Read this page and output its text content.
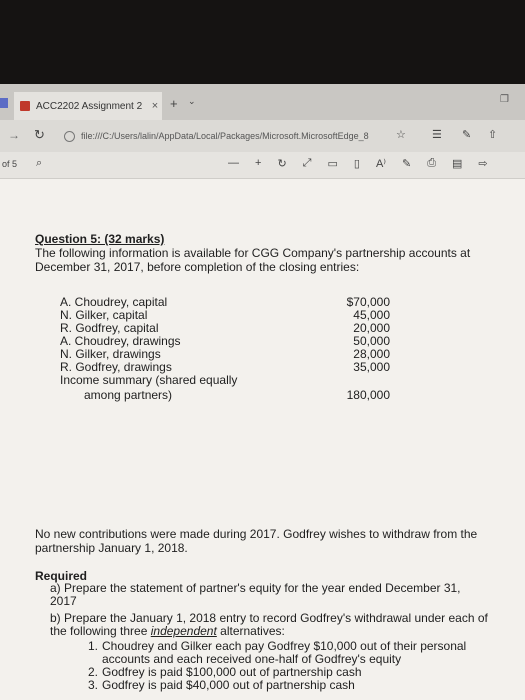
ACC2202 Assignment 2 × + ⌄	❐
→ ↻	file:///C:/Users/lalin/AppData/Local/Packages/Microsoft.MicrosoftEdge_8 ☆ ☰ ✎ ⇧
of 5 ⌕	— + ↻ ⤢ ▭ ▯ A⁾ ✎ ⎙ ▤ ⇨
Question 5: (32 marks)
The following information is available for CGG Company's partnership accounts at December 31, 2017, before completion of the closing entries:
A. Choudrey, capital	$70,000
N. Gilker, capital	45,000
R. Godfrey, capital	20,000
A. Choudrey, drawings	50,000
N. Gilker, drawings	28,000
R. Godfrey, drawings	35,000
Income summary (shared equally
among partners)	180,000
No new contributions were made during 2017. Godfrey wishes to withdraw from the partnership January 1, 2018.
Required
a) Prepare the statement of partner's equity for the year ended December 31, 2017
b) Prepare the January 1, 2018 entry to record Godfrey's withdrawal under each of the following three independent alternatives:
1. Choudrey and Gilker each pay Godfrey $10,000 out of their personal accounts and each received one-half of Godfrey's equity
2. Godfrey is paid $100,000 out of partnership cash
3. Godfrey is paid $40,000 out of partnership cash
